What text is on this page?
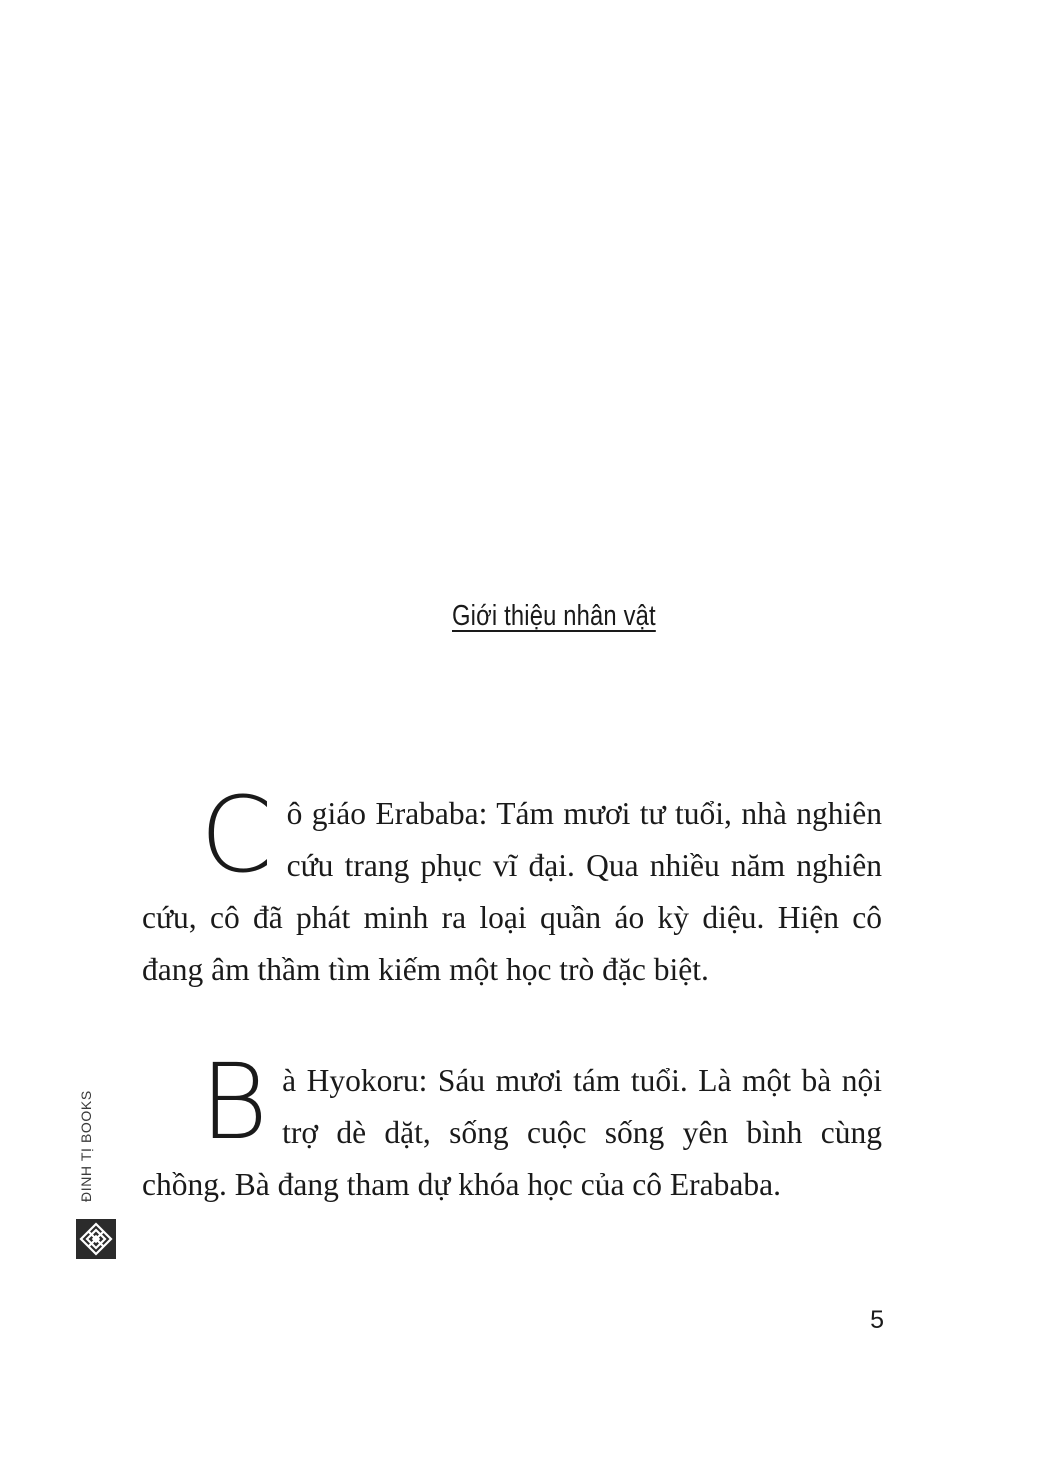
Giới thiệu nhân vật

Cô giáo Erababa: Tám mươi tư tuổi, nhà nghiên cứu trang phục vĩ đại. Qua nhiều năm nghiên cứu, cô đã phát minh ra loại quần áo kỳ diệu. Hiện cô đang âm thầm tìm kiếm một học trò đặc biệt.

Bà Hyokoru: Sáu mươi tám tuổi. Là một bà nội trợ dè dặt, sống cuộc sống yên bình cùng chồng. Bà đang tham dự khóa học của cô Erababa.

5
ĐINH TỊ BOOKS
